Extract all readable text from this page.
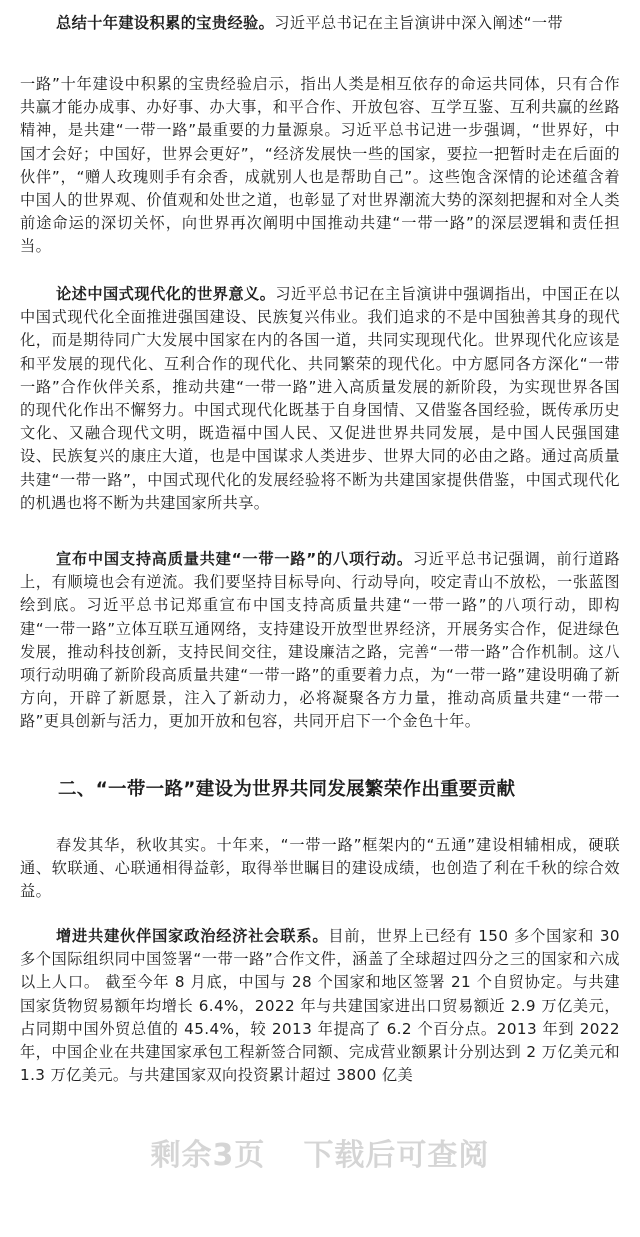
总结十年建设积累的宝贵经验。习近平总书记在主旨演讲中深入阐述“一带

一路”十年建设中积累的宝贵经验启示，指出人类是相互依存的命运共同体，只有合作共赢才能办成事、办好事、办大事，和平合作、开放包容、互学互鉴、互利共赢的丝路精神，是共建“一带一路”最重要的力量源泉。习近平总书记进一步强调，“世界好，中国才会好；中国好，世界会更好”，“经济发展快一些的国家，要拉一把暂时走在后面的伙伴”，“赠人玫瑰则手有余香，成就别人也是帮助自己”。这些饱含深情的论述蕴含着中国人的世界观、价值观和处世之道，也彰显了对世界潮流大势的深刻把握和对全人类前途命运的深切关怀，向世界再次阐明中国推动共建“一带一路”的深层逻辑和责任担当。

论述中国式现代化的世界意义。习近平总书记在主旨演讲中强调指出，中国正在以中国式现代化全面推进强国建设、民族复兴伟业。我们追求的不是中国独善其身的现代化，而是期待同广大发展中国家在内的各国一道，共同实现现代化。世界现代化应该是和平发展的现代化、互利合作的现代化、共同繁荣的现代化。中方愿同各方深化“一带一路”合作伙伴关系，推动共建“一带一路”进入高质量发展的新阶段，为实现世界各国的现代化作出不懈努力。中国式现代化既基于自身国情、又借鉴各国经验，既传承历史文化、又融合现代文明，既造福中国人民、又促进世界共同发展，是中国人民强国建设、民族复兴的康庄大道，也是中国谋求人类进步、世界大同的必由之路。通过高质量共建“一带一路”，中国式现代化的发展经验将不断为共建国家提供借鉴，中国式现代化的机遇也将不断为共建国家所共享。

宣布中国支持高质量共建“一带一路”的八项行动。习近平总书记强调，前行道路上，有顺境也会有逆流。我们要坚持目标导向、行动导向，咬定青山不放松，一张蓝图绘到底。习近平总书记郑重宣布中国支持高质量共建“一带一路”的八项行动，即构建“一带一路”立体互联互通网络，支持建设开放型世界经济，开展务实合作，促进绿色发展，推动科技创新，支持民间交往，建设廉洁之路，完善“一带一路”合作机制。这八项行动明确了新阶段高质量共建“一带一路”的重要着力点，为“一带一路”建设明确了新方向，开辟了新愿景，注入了新动力，必将凝聚各方力量，推动高质量共建“一带一路”更具创新与活力，更加开放和包容，共同开启下一个金色十年。

二、“一带一路”建设为世界共同发展繁荣作出重要贡献

春发其华，秋收其实。十年来，“一带一路”框架内的“五通”建设相辅相成，硬联通、软联通、心联通相得益彰，取得举世瞩目的建设成绩，也创造了利在千秋的综合效益。

增进共建伙伴国家政治经济社会联系。目前，世界上已经有 150 多个国家和 30 多个国际组织同中国签署“一带一路”合作文件，涵盖了全球超过四分之三的国家和六成以上人口。 截至今年 8 月底，中国与 28 个国家和地区签署 21 个自贸协定。与共建国家货物贸易额年均增长 6.4%，2022 年与共建国家进出口贸易额近 2.9 万亿美元，占同期中国外贸总值的 45.4%，较 2013 年提高了 6.2 个百分点。2013 年到 2022 年，中国企业在共建国家承包工程新签合同额、完成营业额累计分别达到 2 万亿美元和 1.3 万亿美元。与共建国家双向投资累计超过 3800 亿美

剩余3页 下载后可查阅
